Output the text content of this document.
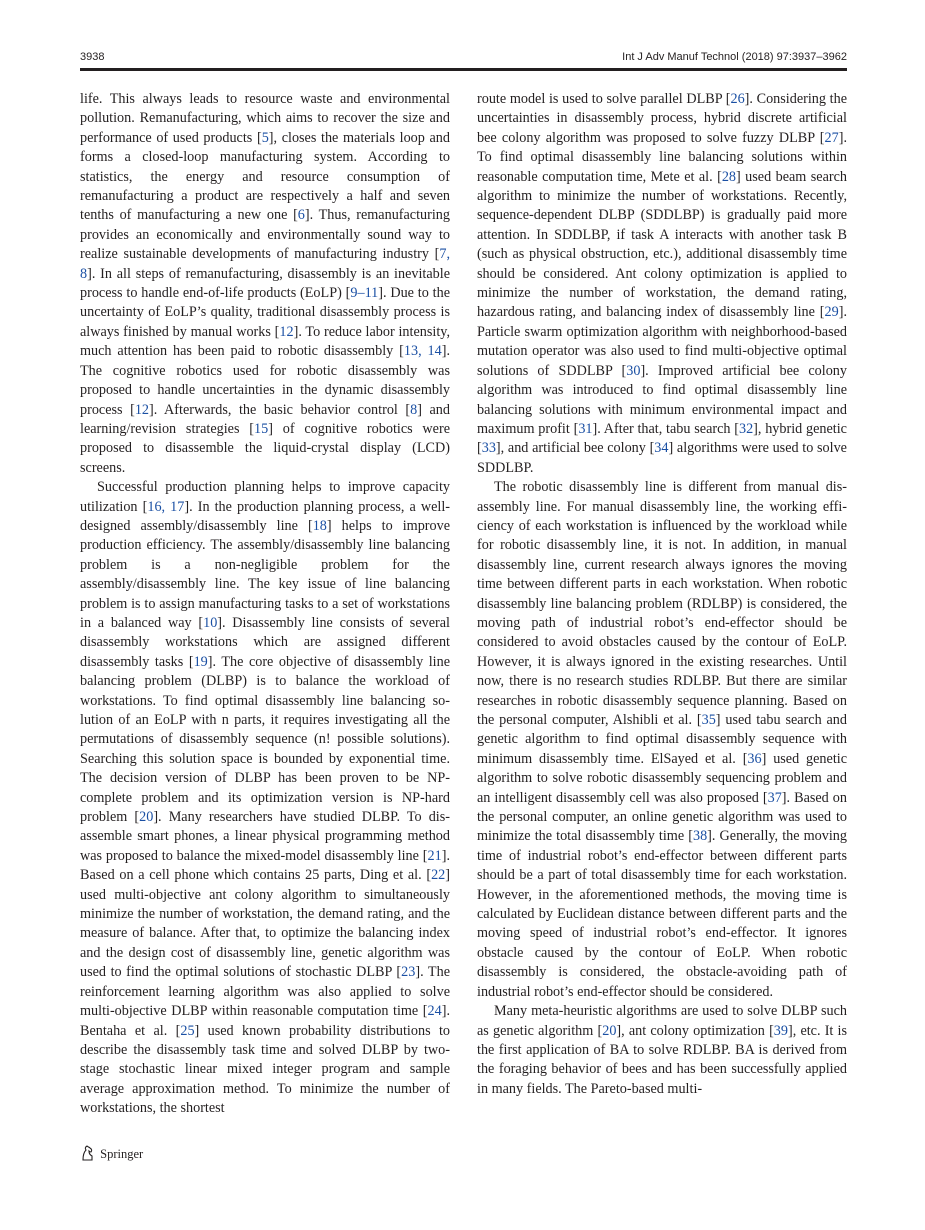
3938	Int J Adv Manuf Technol (2018) 97:3937–3962

life. This always leads to resource waste and environmental pollution. Remanufacturing, which aims to recover the size and performance of used products [5], closes the materials loop and forms a closed-loop manufacturing system. According to statistics, the energy and resource consumption of remanufacturing a product are respectively a half and seven tenths of manufacturing a new one [6]. Thus, remanufacturing provides an economically and environmentally sound way to realize sustainable developments of manufacturing industry [7, 8]. In all steps of remanufacturing, disassembly is an inevitable process to handle end-of-life products (EoLP) [9–11]. Due to the uncertainty of EoLP’s quality, traditional disassembly process is always finished by manual works [12]. To reduce labor intensity, much attention has been paid to robotic disassembly [13, 14]. The cognitive robotics used for robotic disassembly was proposed to handle uncertainties in the dynamic disassembly process [12]. Afterwards, the basic behavior control [8] and learning/revision strategies [15] of cognitive robotics were proposed to disassemble the liquid-crystal display (LCD) screens.

Successful production planning helps to improve capacity utilization [16, 17]. In the production planning process, a well-designed assembly/disassembly line [18] helps to improve production efficiency. The assembly/disassembly line balancing problem is a non-negligible problem for the assembly/disassembly line. The key issue of line balancing problem is to assign manufacturing tasks to a set of workstations in a balanced way [10]. Disassembly line consists of several disassembly workstations which are assigned different disassembly tasks [19]. The core objective of disassembly line balancing problem (DLBP) is to balance the workload of workstations. To find optimal disassembly line balancing solution of an EoLP with n parts, it requires investigating all the permutations of disassembly sequence (n! possible solutions). Searching this solution space is bounded by exponential time. The decision version of DLBP has been proven to be NP-complete problem and its optimization version is NP-hard problem [20]. Many researchers have studied DLBP. To disassemble smart phones, a linear physical programming method was proposed to balance the mixed-model disassembly line [21]. Based on a cell phone which contains 25 parts, Ding et al. [22] used multi-objective ant colony algorithm to simultaneously minimize the number of workstation, the demand rating, and the measure of balance. After that, to optimize the balancing index and the design cost of disassembly line, genetic algorithm was used to find the optimal solutions of stochastic DLBP [23]. The reinforcement learning algorithm was also applied to solve multi-objective DLBP within reasonable computation time [24]. Bentaha et al. [25] used known probability distributions to describe the disassembly task time and solved DLBP by two-stage stochastic linear mixed integer program and sample average approximation method. To minimize the number of workstations, the shortest

route model is used to solve parallel DLBP [26]. Considering the uncertainties in disassembly process, hybrid discrete artificial bee colony algorithm was proposed to solve fuzzy DLBP [27]. To find optimal disassembly line balancing solutions within reasonable computation time, Mete et al. [28] used beam search algorithm to minimize the number of workstations. Recently, sequence-dependent DLBP (SDDLBP) is gradually paid more attention. In SDDLBP, if task A interacts with another task B (such as physical obstruction, etc.), additional disassembly time should be considered. Ant colony optimization is applied to minimize the number of workstation, the demand rating, hazardous rating, and balancing index of disassembly line [29]. Particle swarm optimization algorithm with neighborhood-based mutation operator was also used to find multi-objective optimal solutions of SDDLBP [30]. Improved artificial bee colony algorithm was introduced to find optimal disassembly line balancing solutions with minimum environmental impact and maximum profit [31]. After that, tabu search [32], hybrid genetic [33], and artificial bee colony [34] algorithms were used to solve SDDLBP.

The robotic disassembly line is different from manual disassembly line. For manual disassembly line, the working efficiency of each workstation is influenced by the workload while for robotic disassembly line, it is not. In addition, in manual disassembly line, current research always ignores the moving time between different parts in each workstation. When robotic disassembly line balancing problem (RDLBP) is considered, the moving path of industrial robot’s end-effector should be considered to avoid obstacles caused by the contour of EoLP. However, it is always ignored in the existing researches. Until now, there is no research studies RDLBP. But there are similar researches in robotic disassembly sequence planning. Based on the personal computer, Alshibli et al. [35] used tabu search and genetic algorithm to find optimal disassembly sequence with minimum disassembly time. ElSayed et al. [36] used genetic algorithm to solve robotic disassembly sequencing problem and an intelligent disassembly cell was also proposed [37]. Based on the personal computer, an online genetic algorithm was used to minimize the total disassembly time [38]. Generally, the moving time of industrial robot’s end-effector between different parts should be a part of total disassembly time for each workstation. However, in the aforementioned methods, the moving time is calculated by Euclidean distance between different parts and the moving speed of industrial robot’s end-effector. It ignores obstacle caused by the contour of EoLP. When robotic disassembly is considered, the obstacle-avoiding path of industrial robot’s end-effector should be considered.

Many meta-heuristic algorithms are used to solve DLBP such as genetic algorithm [20], ant colony optimization [39], etc. It is the first application of BA to solve RDLBP. BA is derived from the foraging behavior of bees and has been successfully applied in many fields. The Pareto-based multi-

Springer
